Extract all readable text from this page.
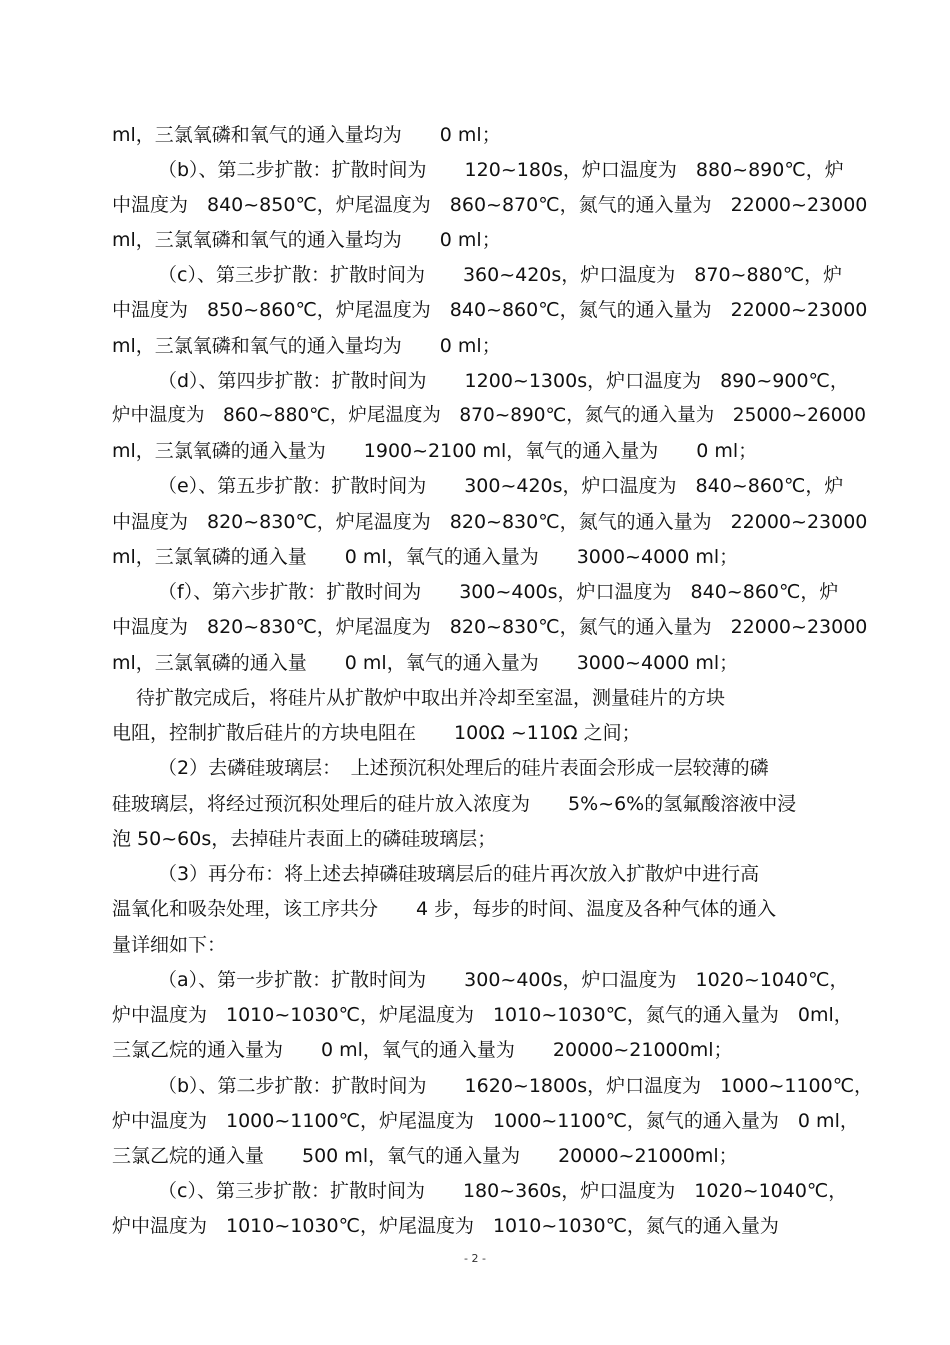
ml，三氯氧磷和氧气的通入量均为　　0 ml；
（b）、第二步扩散：扩散时间为　　120~180s，炉口温度为　880~890℃，炉
中温度为　840~850℃，炉尾温度为　860~870℃，氮气的通入量为　22000~23000
ml，三氯氧磷和氧气的通入量均为　　0 ml；
（c）、第三步扩散：扩散时间为　　360~420s，炉口温度为　870~880℃，炉
中温度为　850~860℃，炉尾温度为　840~860℃，氮气的通入量为　22000~23000
ml，三氯氧磷和氧气的通入量均为　　0 ml；
（d）、第四步扩散：扩散时间为　　1200~1300s，炉口温度为　890~900℃，
炉中温度为　860~880℃，炉尾温度为　870~890℃，氮气的通入量为　25000~26000
ml，三氯氧磷的通入量为　　1900~2100 ml，氧气的通入量为　　0 ml；
（e）、第五步扩散：扩散时间为　　300~420s，炉口温度为　840~860℃，炉
中温度为　820~830℃，炉尾温度为　820~830℃，氮气的通入量为　22000~23000
ml，三氯氧磷的通入量　　0 ml，氧气的通入量为　　3000~4000 ml；
（f）、第六步扩散：扩散时间为　　300~400s，炉口温度为　840~860℃，炉
中温度为　820~830℃，炉尾温度为　820~830℃，氮气的通入量为　22000~23000
ml，三氯氧磷的通入量　　0 ml，氧气的通入量为　　3000~4000 ml；
待扩散完成后，将硅片从扩散炉中取出并冷却至室温，测量硅片的方块
电阻，控制扩散后硅片的方块电阻在　　100Ω ~110Ω 之间；
（2）去磷硅玻璃层：　上述预沉积处理后的硅片表面会形成一层较薄的磷
硅玻璃层，将经过预沉积处理后的硅片放入浓度为　　5%~6%的氢氟酸溶液中浸
泡 50~60s，去掉硅片表面上的磷硅玻璃层；
（3）再分布：将上述去掉磷硅玻璃层后的硅片再次放入扩散炉中进行高
温氧化和吸杂处理，该工序共分　　4 步，每步的时间、温度及各种气体的通入
量详细如下：
（a）、第一步扩散：扩散时间为　　300~400s，炉口温度为　1020~1040℃，
炉中温度为　1010~1030℃，炉尾温度为　1010~1030℃，氮气的通入量为　0ml，
三氯乙烷的通入量为　　0 ml，氧气的通入量为　　20000~21000ml；
（b）、第二步扩散：扩散时间为　　1620~1800s，炉口温度为　1000~1100℃，
炉中温度为　1000~1100℃，炉尾温度为　1000~1100℃，氮气的通入量为　0 ml，
三氯乙烷的通入量　　500 ml，氧气的通入量为　　20000~21000ml；
（c）、第三步扩散：扩散时间为　　180~360s，炉口温度为　1020~1040℃，
炉中温度为　1010~1030℃，炉尾温度为　1010~1030℃，氮气的通入量为
- 2 -
